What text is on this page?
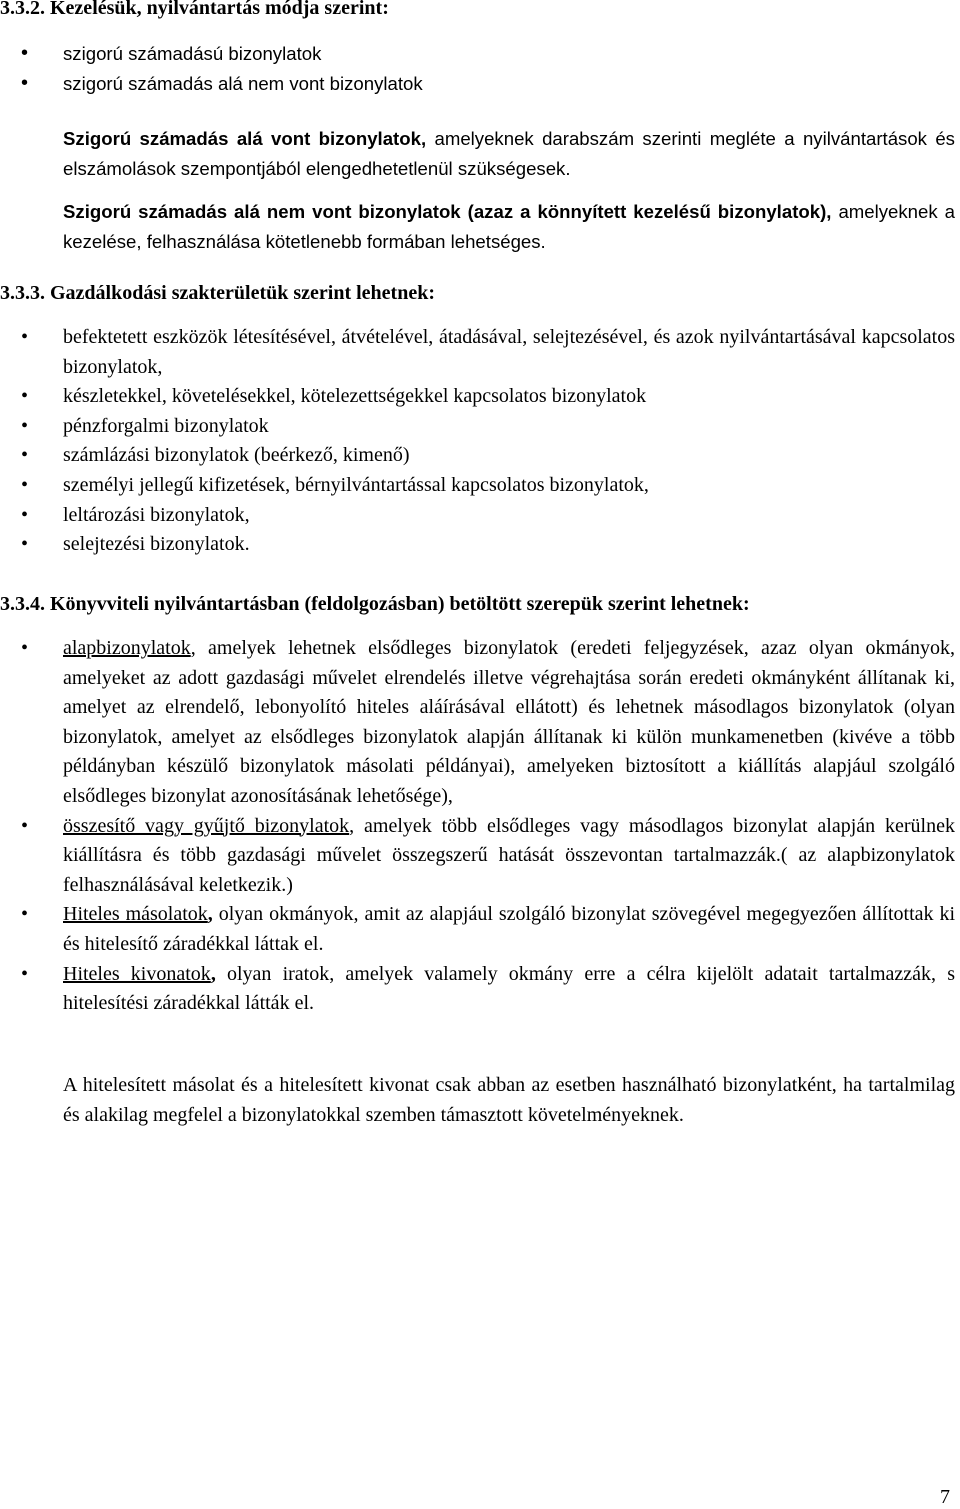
3.3.2. Kezelésük, nyilvántartás módja szerint:
• szigorú számadású bizonylatok
• szigorú számadás alá nem vont bizonylatok

Szigorú számadás alá vont bizonylatok, amelyeknek darabszám szerinti megléte a nyilvántartások és elszámolások szempontjából elengedhetetlenül szükségesek.

Szigorú számadás alá nem vont bizonylatok (azaz a könnyített kezelésű bizonylatok), amelyeknek a kezelése, felhasználása kötetlenebb formában lehetséges.

3.3.3. Gazdálkodási szakterületük szerint lehetnek:
• befektetett eszközök létesítésével, átvételével, átadásával, selejtezésével, és azok nyilvántartásával kapcsolatos bizonylatok,
• készletekkel, követelésekkel, kötelezettségekkel kapcsolatos bizonylatok
• pénzforgalmi bizonylatok
• számlázási bizonylatok (beérkező, kimenő)
• személyi jellegű kifizetések, bérnyilvántartással kapcsolatos bizonylatok,
• leltározási bizonylatok,
• selejtezési bizonylatok.
3.3.4. Könyvviteli nyilvántartásban (feldolgozásban) betöltött szerepük szerint lehetnek:
• alapbizonylatok, amelyek lehetnek elsődleges bizonylatok (eredeti feljegyzések, azaz olyan okmányok, amelyeket az adott gazdasági művelet elrendelés illetve végrehajtása során eredeti okmányként állítanak ki, amelyet az elrendelő, lebonyolító hiteles aláírásával ellátott) és lehetnek másodlagos bizonylatok (olyan bizonylatok, amelyet az elsődleges bizonylatok alapján állítanak ki külön munkamenetben (kivéve a több példányban készülő bizonylatok másolati példányai), amelyeken biztosított a kiállítás alapjául szolgáló elsődleges bizonylat azonosításának lehetősége),
• összesítő vagy gyűjtő bizonylatok, amelyek több elsődleges vagy másodlagos bizonylat alapján kerülnek kiállításra és több gazdasági művelet összegszerű hatását összevontan tartalmazzák.( az alapbizonylatok felhasználásával keletkezik.)
• Hiteles másolatok, olyan okmányok, amit az alapjául szolgáló bizonylat szövegével megegyezően állítottak ki és hitelesítő záradékkal láttak el.
• Hiteles kivonatok, olyan iratok, amelyek valamely okmány erre a célra kijelölt adatait tartalmazzák, s hitelesítési záradékkal látták el.

A hitelesített másolat és a hitelesített kivonat csak abban az esetben használható bizonylatként, ha tartalmilag és alakilag megfelel a bizonylatokkal szemben támasztott követelményeknek.

7
